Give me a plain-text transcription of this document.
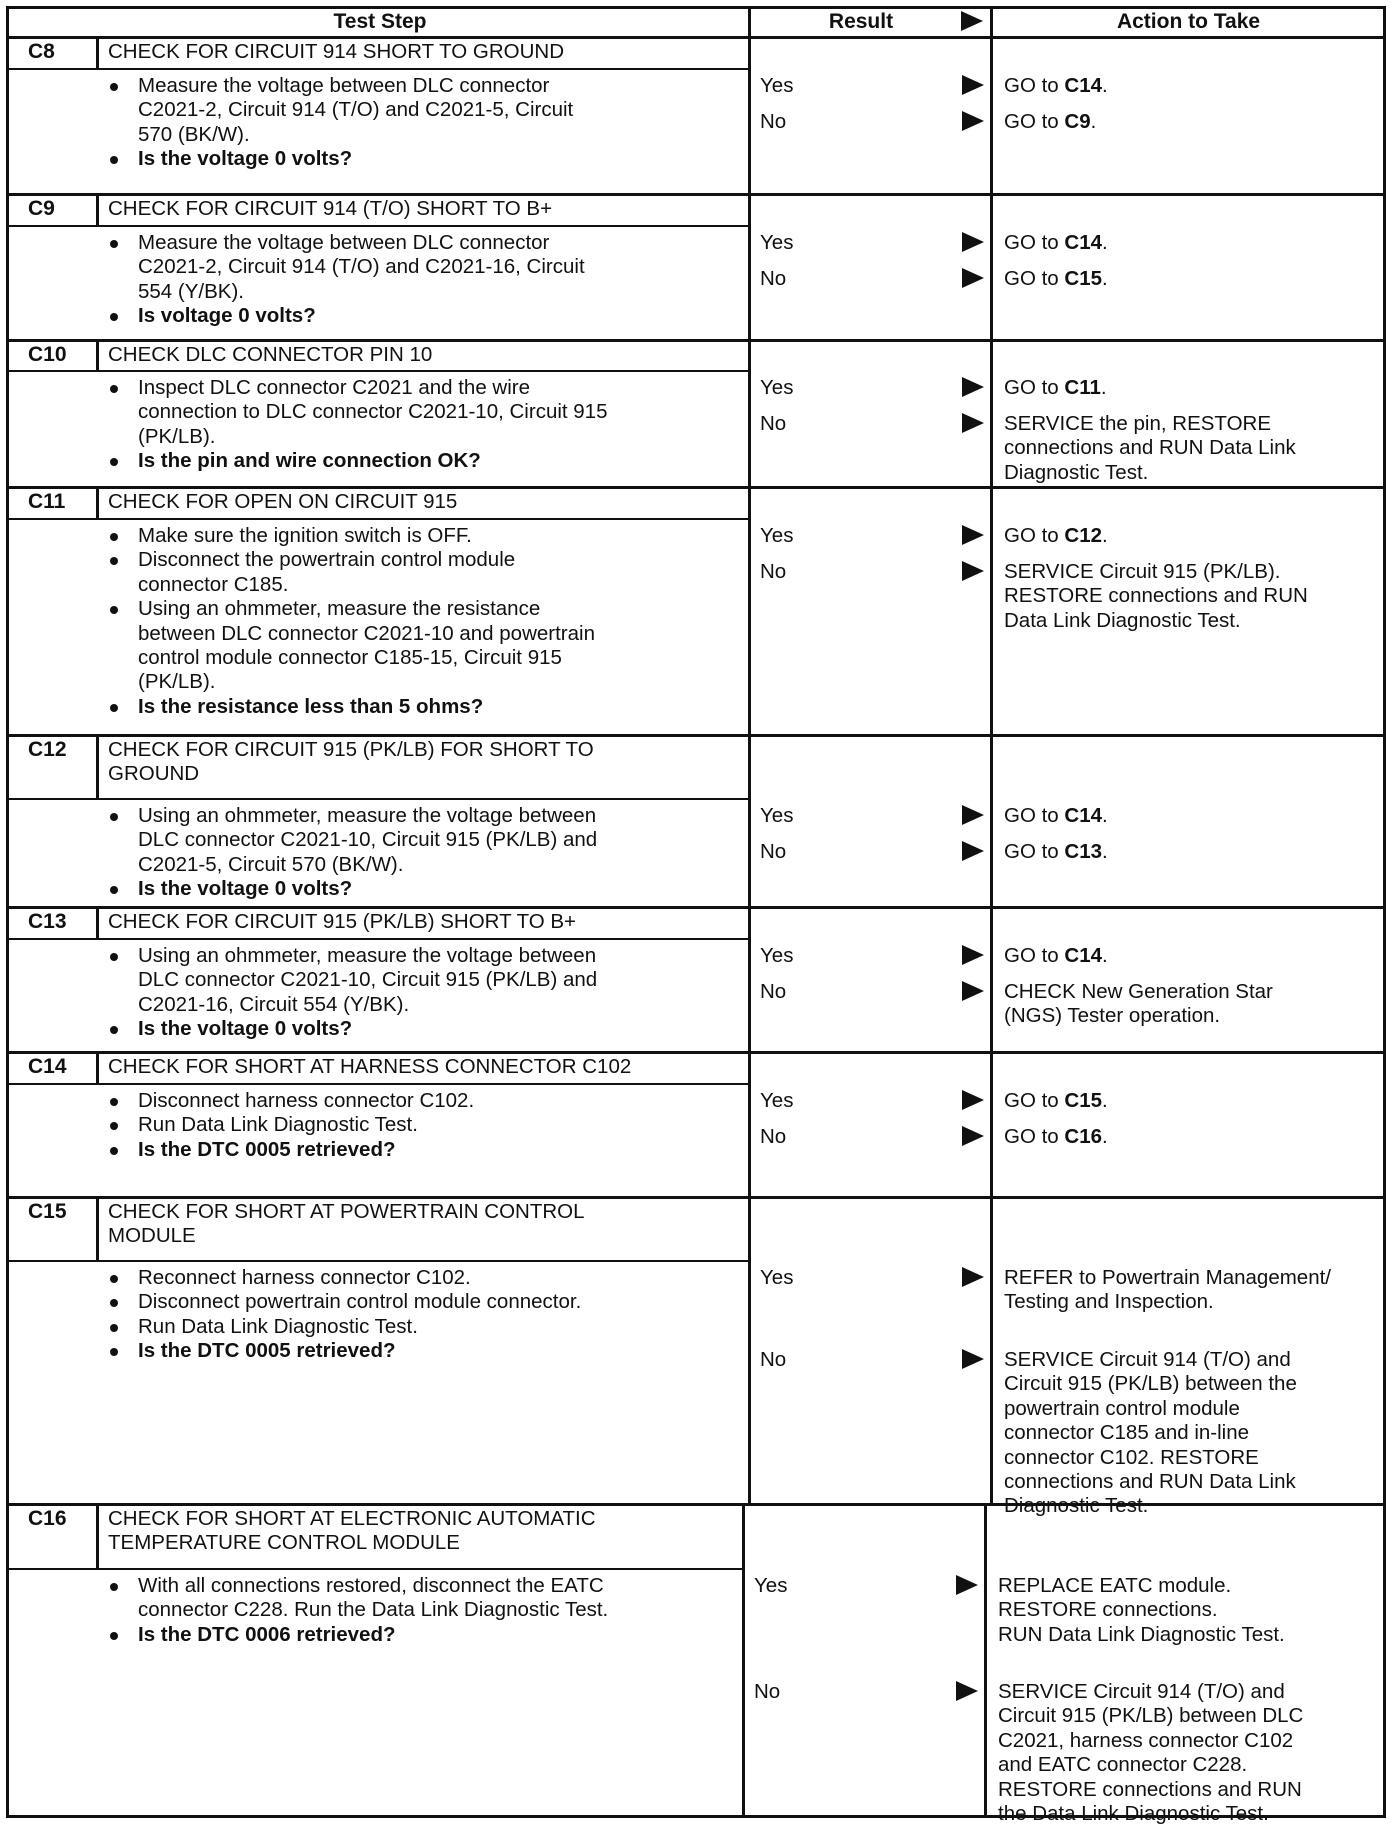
Test Step	Result	Action to Take
C8	CHECK FOR CIRCUIT 914 SHORT TO GROUND
Measure the voltage between DLC connector
C2021-2, Circuit 914 (T/O) and C2021-5, Circuit
570 (BK/W).
Is the voltage 0 volts?
Yes	GO to C14.
No	GO to C9.
C9	CHECK FOR CIRCUIT 914 (T/O) SHORT TO B+
Measure the voltage between DLC connector
C2021-2, Circuit 914 (T/O) and C2021-16, Circuit
554 (Y/BK).
Is voltage 0 volts?
Yes	GO to C14.
No	GO to C15.
C10 CHECK DLC CONNECTOR PIN 10
Inspect DLC connector C2021 and the wire
connection to DLC connector C2021-10, Circuit 915
(PK/LB).
Is the pin and wire connection OK?
Yes	GO to C11.
No	SERVICE the pin, RESTORE
connections and RUN Data Link
Diagnostic Test.
C11 CHECK FOR OPEN ON CIRCUIT 915
Make sure the ignition switch is OFF.
Disconnect the powertrain control module
connector C185.
Using an ohmmeter, measure the resistance
between DLC connector C2021-10 and powertrain
control module connector C185-15, Circuit 915
(PK/LB).
Is the resistance less than 5 ohms?
Yes	GO to C12.
No	SERVICE Circuit 915 (PK/LB).
RESTORE connections and RUN
Data Link Diagnostic Test.
C12 CHECK FOR CIRCUIT 915 (PK/LB) FOR SHORT TO
GROUND
Using an ohmmeter, measure the voltage between
DLC connector C2021-10, Circuit 915 (PK/LB) and
C2021-5, Circuit 570 (BK/W).
Is the voltage 0 volts?
Yes	GO to C14.
No	GO to C13.
C13 CHECK FOR CIRCUIT 915 (PK/LB) SHORT TO B+
Using an ohmmeter, measure the voltage between
DLC connector C2021-10, Circuit 915 (PK/LB) and
C2021-16, Circuit 554 (Y/BK).
Is the voltage 0 volts?
Yes	GO to C14.
No	CHECK New Generation Star
(NGS) Tester operation.
C14 CHECK FOR SHORT AT HARNESS CONNECTOR C102
Disconnect harness connector C102.
Run Data Link Diagnostic Test.
Is the DTC 0005 retrieved?
Yes	GO to C15.
No	GO to C16.
C15 CHECK FOR SHORT AT POWERTRAIN CONTROL
MODULE
Reconnect harness connector C102.
Disconnect powertrain control module connector.
Run Data Link Diagnostic Test.
Is the DTC 0005 retrieved?
Yes	REFER to Powertrain Management/
Testing and Inspection.
No	SERVICE Circuit 914 (T/O) and
Circuit 915 (PK/LB) between the
powertrain control module
connector C185 and in-line
connector C102. RESTORE
connections and RUN Data Link
C16 CHECK FOR SHORT AT ELECTRONIC AUTOMATIC
TEMPERATURE CONTROL MODULE
With all connections restored, disconnect the EATC
connector C228. Run the Data Link Diagnostic Test.
Is the DTC 0006 retrieved?
Yes	REPLACE EATC module.
RESTORE connections.
RUN Data Link Diagnostic Test.
No	SERVICE Circuit 914 (T/O) and
Circuit 915 (PK/LB) between DLC
C2021, harness connector C102
and EATC connector C228.
RESTORE connections and RUN
the Data Link Diagnostic Test.
